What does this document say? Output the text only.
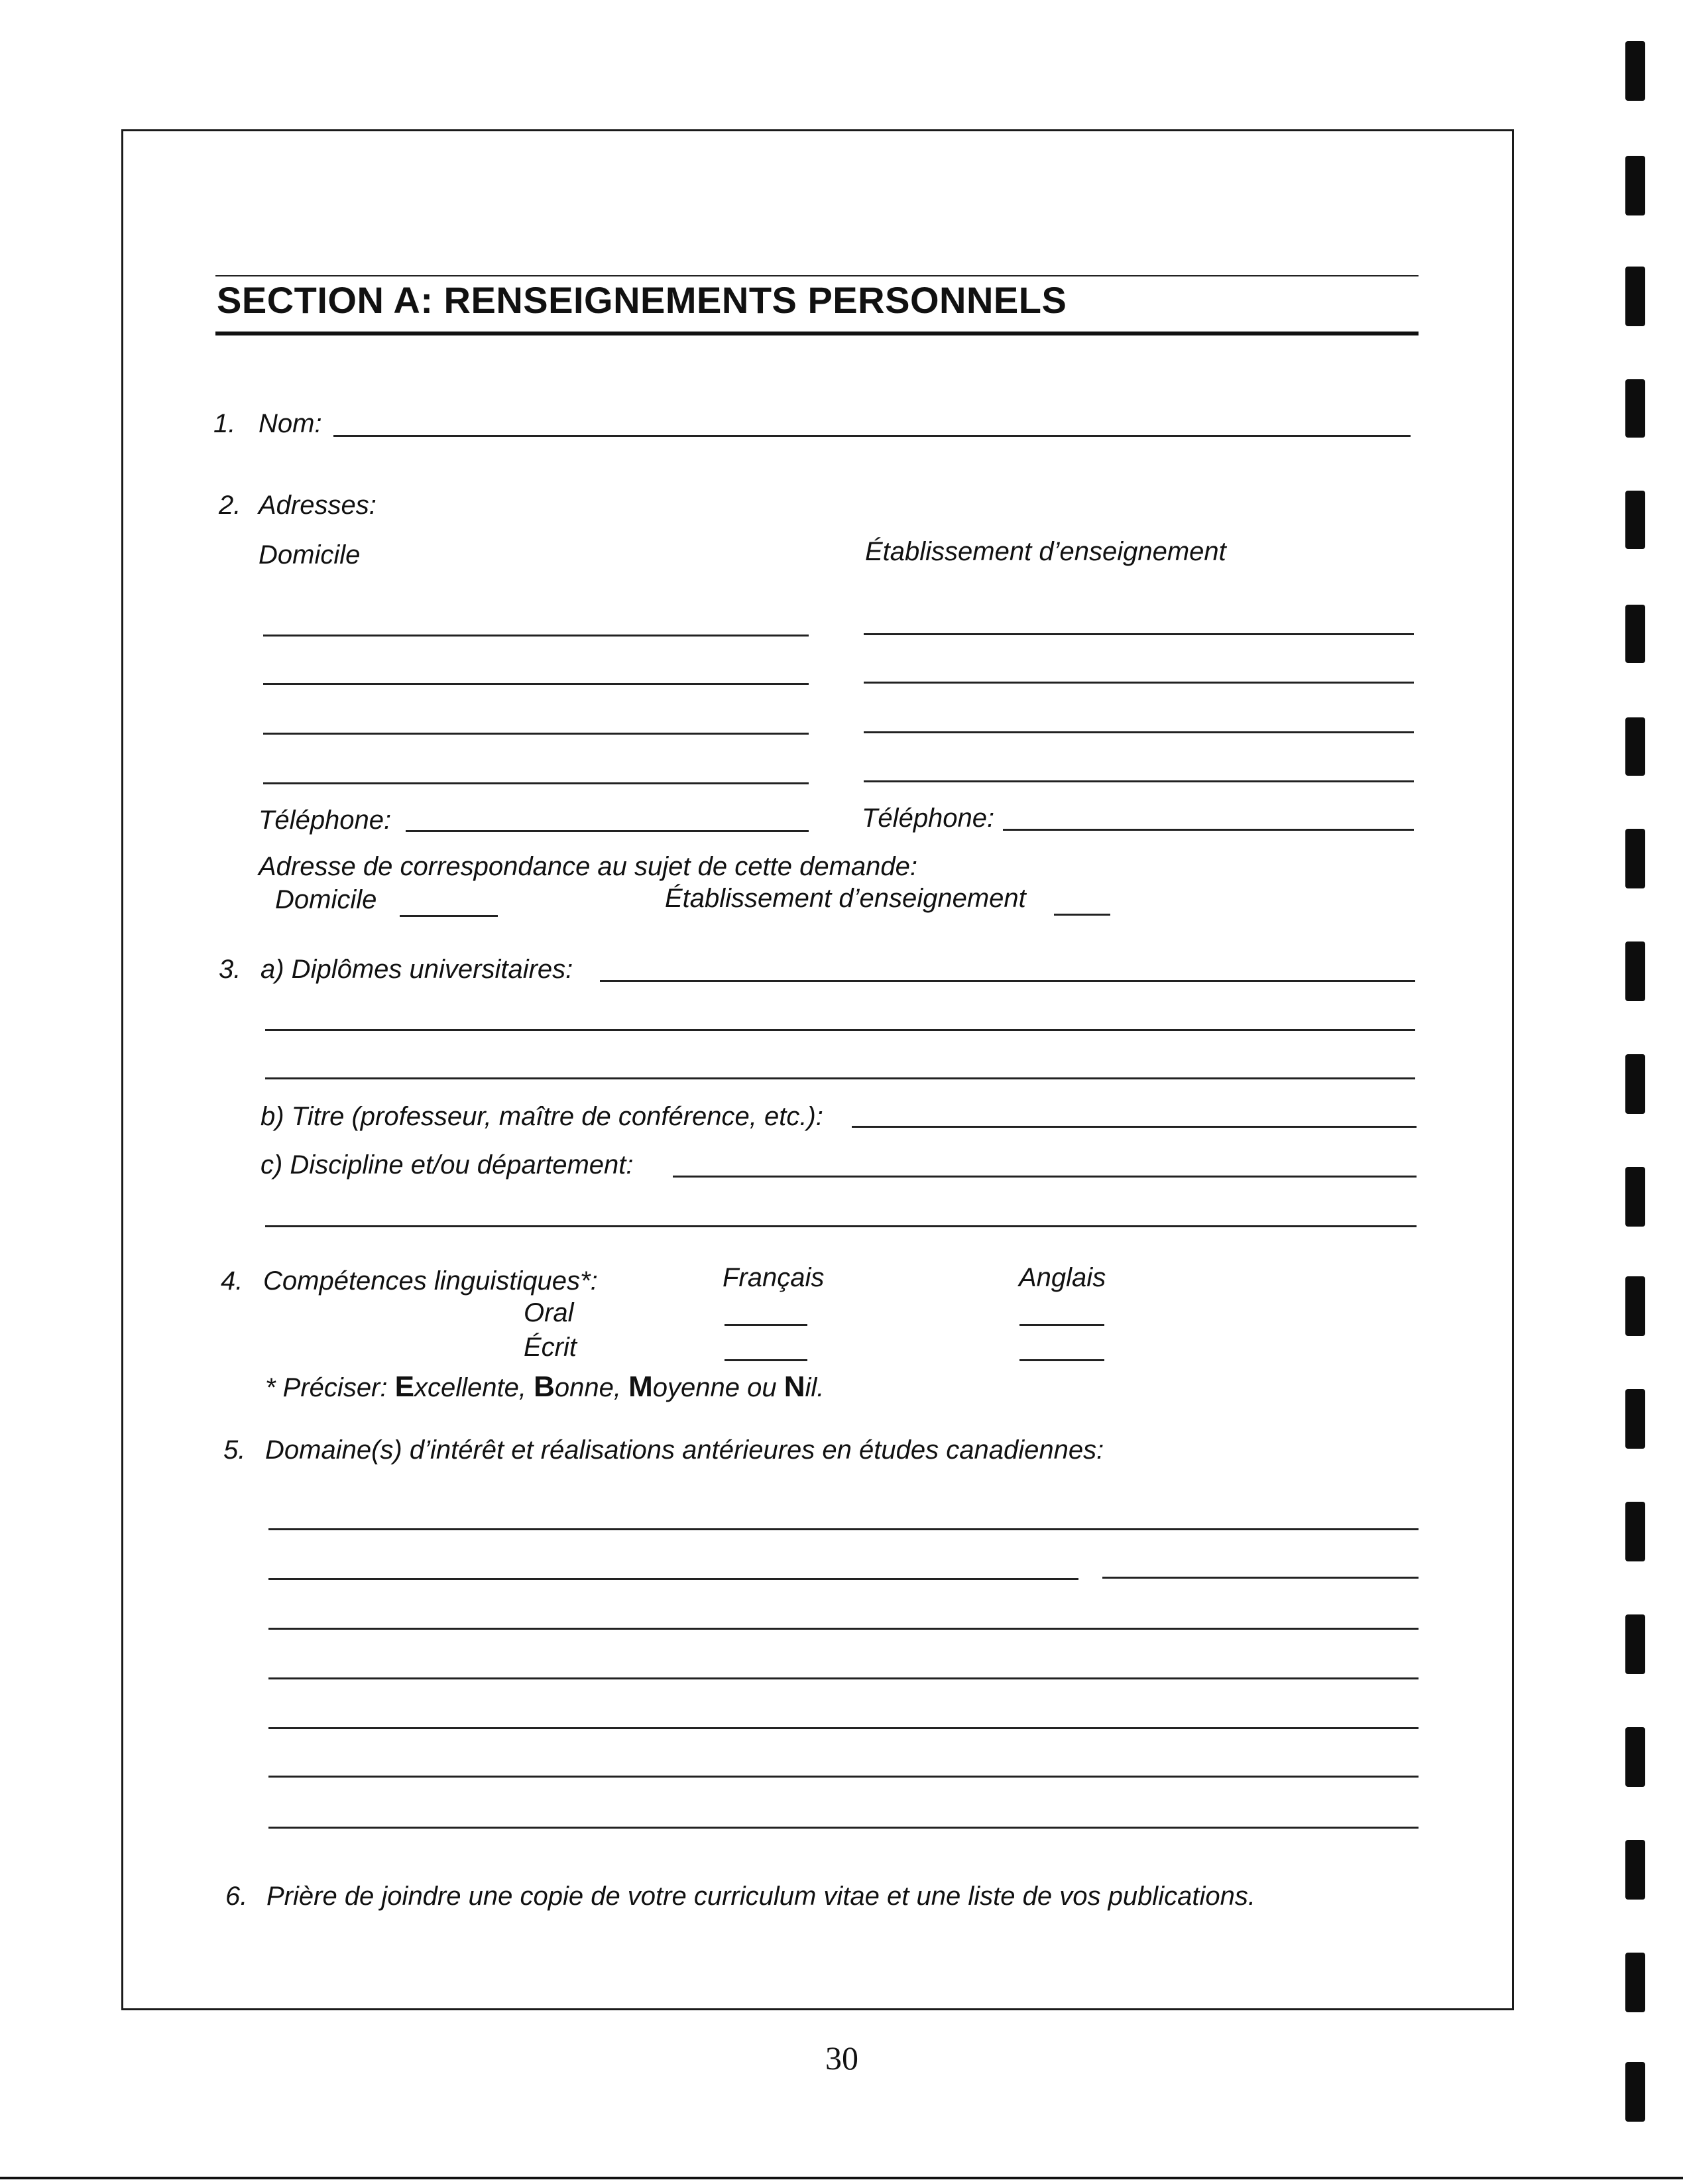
SECTION A: RENSEIGNEMENTS PERSONNELS
1. Nom:
2. Adresses:
Domicile	Établissement d’enseignement
Téléphone:	Téléphone:
Adresse de correspondance au sujet de cette demande:
Domicile	Établissement d’enseignement
3. a) Diplômes universitaires:
b) Titre (professeur, maître de conférence, etc.):
c) Discipline et/ou département:
4. Compétences linguistiques*:	Français	Anglais
Oral
Écrit
* Préciser: Excellente, Bonne, Moyenne ou Nil.
5. Domaine(s) d’intérêt et réalisations antérieures en études canadiennes:
6. Prière de joindre une copie de votre curriculum vitae et une liste de vos publications.
30
